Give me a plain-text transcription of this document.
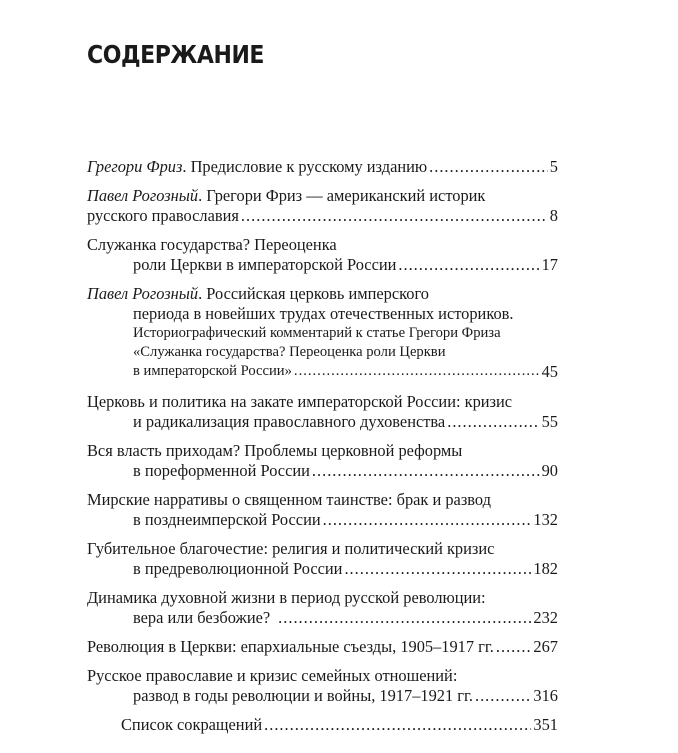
СОДЕРЖАНИЕ
Грегори Фриз . Предисловие к русскому изданию .....	5
Павел Рогозный . Грегори Фриз — американский историк
русского православия .....	8
Служанка государства? Переоценка
роли Церкви в императорской России .....	17
Павел Рогозный . Российская церковь имперского
периода в новейших трудах отечественных историков.
Историографический комментарий к статье Грегори Фриза
«Служанка государства? Переоценка роли Церкви
в императорской России» .....	45
Церковь и политика на закате императорской России: кризис
и радикализация православного духовенства .....	55
Вся власть приходам? Проблемы церковной реформы
в пореформенной России .....	90
Мирские нарративы о священном таинстве: брак и развод
в позднеимперской России .....	132
Губительное благочестие: религия и политический кризис
в предреволюционной России .....	182
Динамика духовной жизни в период русской революции:
вера или безбожие? .....	232
Революция в Церкви: епархиальные съезды, 1905–1917 гг. ..... 267
Русское православие и кризис семейных отношений:
развод в годы революции и войны, 1917–1921 гг. .....	316
Список сокращений .....	351
